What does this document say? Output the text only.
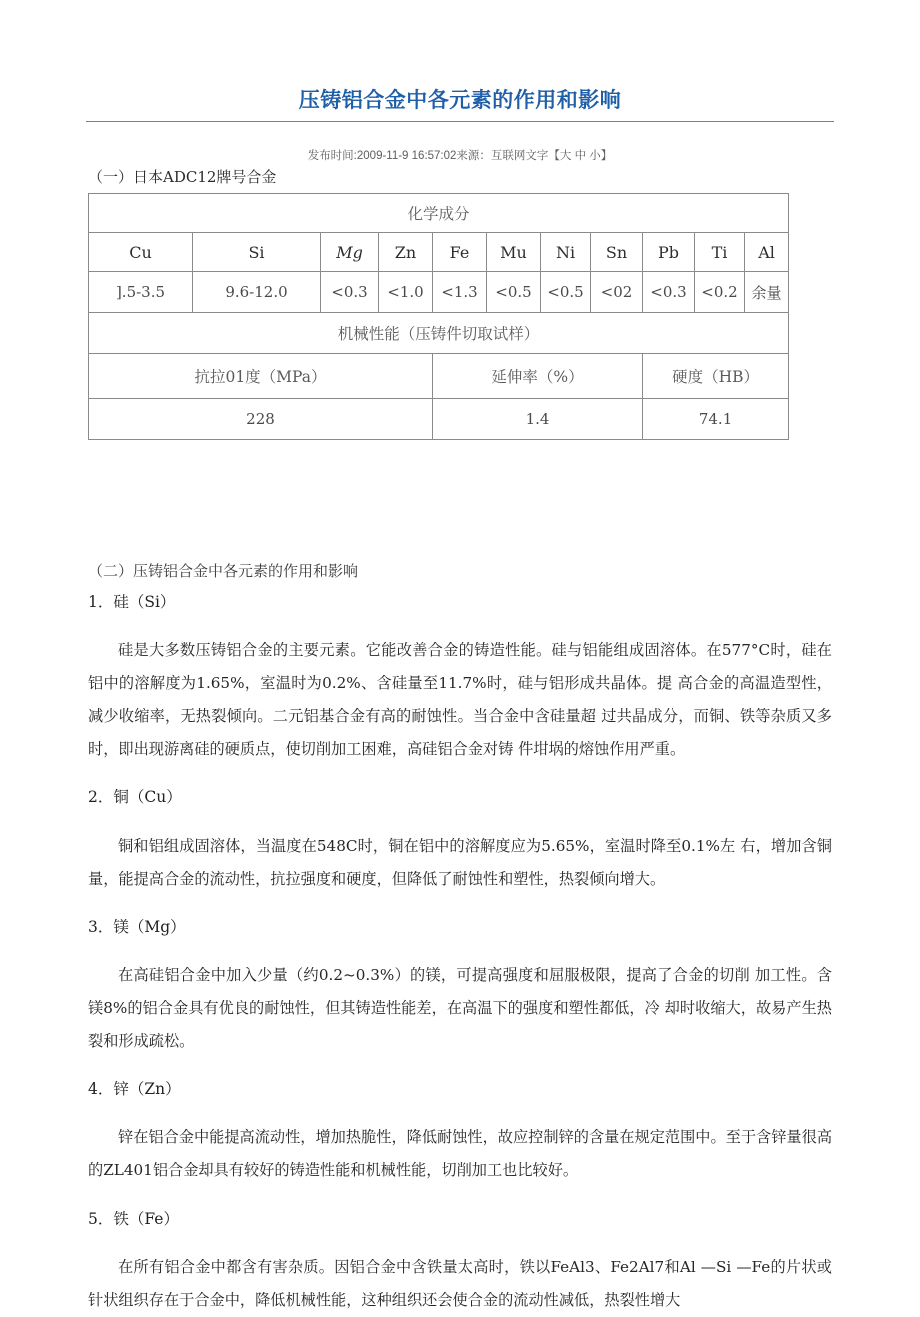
压铸铝合金中各元素的作用和影响
发布时间:2009-11-9 16:57:02来源：互联网文字【大 中 小】
（一）日本ADC12牌号合金
化学成分										
Cu	Si	Mg	Zn	Fe	Mu	Ni	Sn	Pb	Ti	Al
].5-3.5	9.6-12.0	<0.3	<1.0	<1.3	<0.5	<0.5	<02	<0.3	<0.2	余量
机械性能（压铸件切取试样）										
抗拉01度（MPa）				延伸率（%）				硬度（HB）		
228				1.4				74.1		
（二）压铸铝合金中各元素的作用和影响
1．硅（Si）

硅是大多数压铸铝合金的主要元素。它能改善合金的铸造性能。硅与铝能组成固溶体。在577°C时，硅在铝中的溶解度为1.65%，室温时为0.2%、含硅量至11.7%时，硅与铝形成共晶体。提 高合金的高温造型性，减少收缩率，无热裂倾向。二元铝基合金有高的耐蚀性。当合金中含硅量超 过共晶成分，而铜、铁等杂质又多时，即出现游离硅的硬质点，使切削加工困难，高硅铝合金对铸 件坩埚的熔蚀作用严重。

2．铜（Cu）

铜和铝组成固溶体，当温度在548C时，铜在铝中的溶解度应为5.65%，室温时降至0.1%左 右，增加含铜量，能提高合金的流动性，抗拉强度和硬度，但降低了耐蚀性和塑性，热裂倾向增大。

3．镁（Mg）

在高硅铝合金中加入少量（约0.2~0.3%）的镁，可提高强度和屈服极限，提高了合金的切削 加工性。含镁8%的铝合金具有优良的耐蚀性，但其铸造性能差，在高温下的强度和塑性都低，冷 却时收缩大，故易产生热裂和形成疏松。

4．锌（Zn）

锌在铝合金中能提高流动性，增加热脆性，降低耐蚀性，故应控制锌的含量在规定范围中。至于含锌量很高的ZL401铝合金却具有较好的铸造性能和机械性能，切削加工也比较好。

5．铁（Fe）

在所有铝合金中都含有害杂质。因铝合金中含铁量太高时，铁以FeAl3、Fe2Al7和Al —Si —Fe的片状或针状组织存在于合金中，降低机械性能，这种组织还会使合金的流动性减低，热裂性增大
